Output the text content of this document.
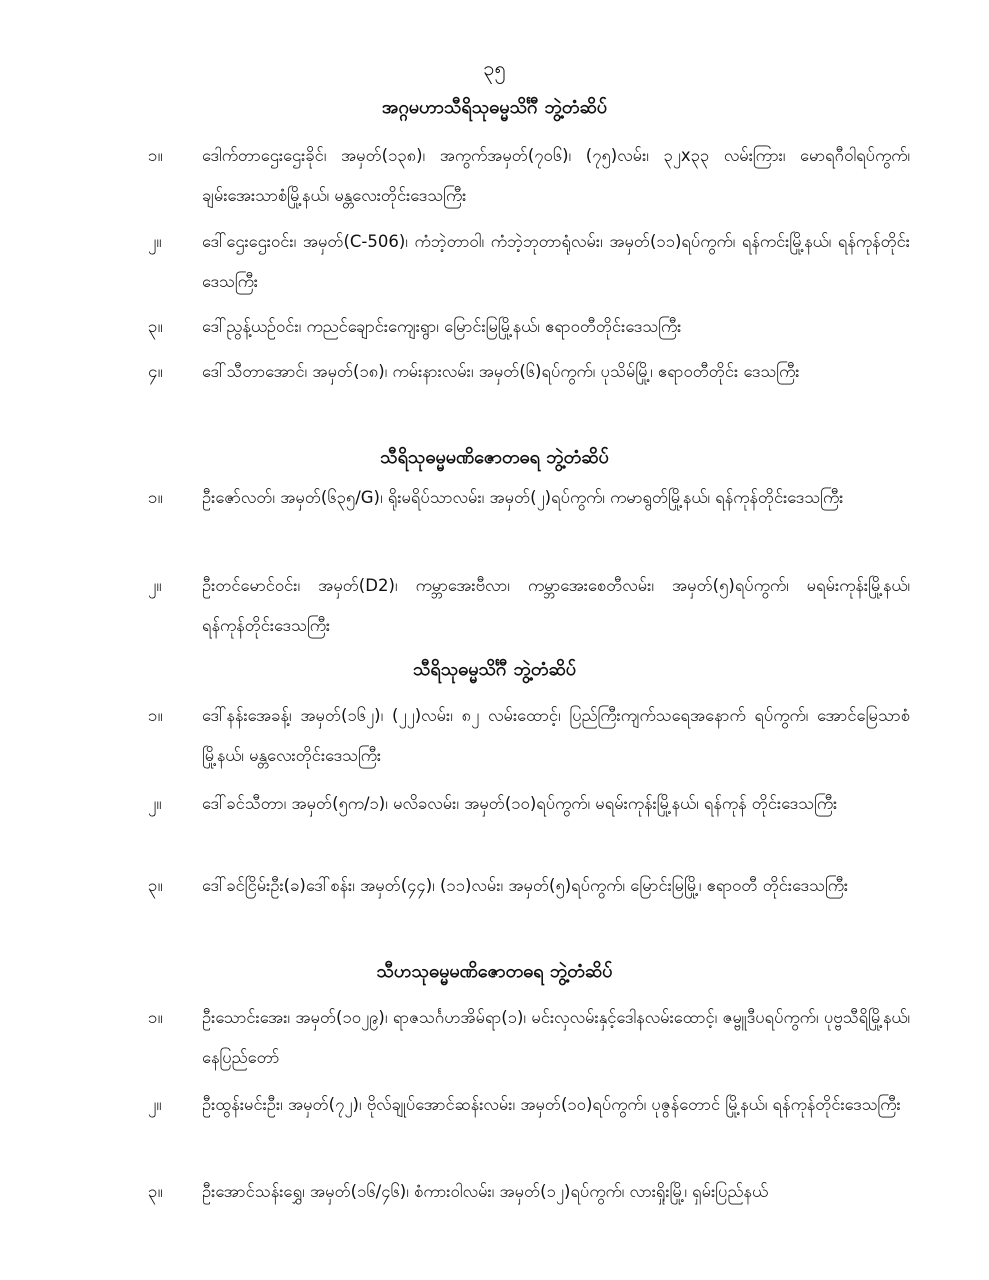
၃၅
အဂ္ဂမဟာသီရိသုဓမ္မသိင်္ဂီ ဘွဲ့တံဆိပ်
၁။ ဒေါက်တာဌေးဌေးခိုင်၊ အမှတ်(၁၃၈)၊ အကွက်အမှတ်(၇၀၆)၊ (၇၅)လမ်း၊ ၃၂x၃၃ လမ်းကြား၊ မောရဂီဝါရပ်ကွက်၊ ချမ်းအေးသာစံမြို့နယ်၊ မန္တလေးတိုင်းဒေသကြီး
၂။ ဒေါ်ဌေးဌေးဝင်း၊ အမှတ်(C-506)၊ ကံဘဲ့တာဝါ၊ ကံဘဲ့ဘုတာရုံလမ်း၊ အမှတ်(၁၁)ရပ်ကွက်၊ ရန်ကင်းမြို့နယ်၊ ရန်ကုန်တိုင်းဒေသကြီး
၃။ ဒေါ်ညွန့်ယဉ်ဝင်း၊ ကညင်ချောင်းကျေးရွာ၊ မြောင်းမြမြို့နယ်၊ ဧရာဝတီတိုင်းဒေသကြီး
၄။ ဒေါ်သီတာအောင်၊ အမှတ်(၁၈)၊ ကမ်းနားလမ်း၊ အမှတ်(၆)ရပ်ကွက်၊ ပုသိမ်မြို့၊ ဧရာဝတီတိုင်း ဒေသကြီး
သီရိသုဓမ္မမဏိဇောတဓရ ဘွဲ့တံဆိပ်
၁။ ဦးဇော်လတ်၊ အမှတ်(၆၃၅/G)၊ ရိုးမရိပ်သာလမ်း၊ အမှတ်(၂)ရပ်ကွက်၊ ကမာရွတ်မြို့နယ်၊ ရန်ကုန်တိုင်းဒေသကြီး
၂။ ဦးတင်မောင်ဝင်း၊ အမှတ်(D2)၊ ကမ္ဘာအေးဗီလာ၊ ကမ္ဘာအေးစေတီလမ်း၊ အမှတ်(၅)ရပ်ကွက်၊ မရမ်းကုန်းမြို့နယ်၊ ရန်ကုန်တိုင်းဒေသကြီး
သီရိသုဓမ္မသိင်္ဂီ ဘွဲ့တံဆိပ်
၁။ ဒေါ်နန်းအေခန့်၊ အမှတ်(၁၆၂)၊ (၂၂)လမ်း၊ ၈၂ လမ်းထောင့်၊ ပြည်ကြီးကျက်သရေအနောက် ရပ်ကွက်၊ အောင်မြေသာစံမြို့နယ်၊ မန္တလေးတိုင်းဒေသကြီး
၂။ ဒေါ်ခင်သီတာ၊ အမှတ်(၅က/၁)၊ မလိခလမ်း၊ အမှတ်(၁၀)ရပ်ကွက်၊ မရမ်းကုန်းမြို့နယ်၊ ရန်ကုန် တိုင်းဒေသကြီး
၃။ ဒေါ်ခင်ငြိမ်းဦး(ခ)ဒေါ်စန်း၊ အမှတ်(၄၄)၊ (၁၁)လမ်း၊ အမှတ်(၅)ရပ်ကွက်၊ မြောင်းမြမြို့၊ ဧရာဝတီ တိုင်းဒေသကြီး
သီဟသုဓမ္မမဏိဇောတဓရ ဘွဲ့တံဆိပ်
၁။ ဦးသောင်းအေး၊ အမှတ်(၁၀၂၉)၊ ရာဇသင်္ဂဟအိမ်ရာ(၁)၊ မင်းလှလမ်းနှင့်ဒေါနလမ်းထောင့်၊ ဇမ္ဗူဒီပရပ်ကွက်၊ ပုဗ္ဗသီရိမြို့နယ်၊ နေပြည်တော်
၂။ ဦးထွန်းမင်းဦး၊ အမှတ်(၇၂)၊ ဗိုလ်ချုပ်အောင်ဆန်းလမ်း၊ အမှတ်(၁၀)ရပ်ကွက်၊ ပုဇွန်တောင် မြို့နယ်၊ ရန်ကုန်တိုင်းဒေသကြီး
၃။ ဦးအောင်သန်းရွှေ၊ အမှတ်(၁၆/၄၆)၊ စံကားဝါလမ်း၊ အမှတ်(၁၂)ရပ်ကွက်၊ လားရှိုးမြို့၊ ရှမ်းပြည်နယ်
